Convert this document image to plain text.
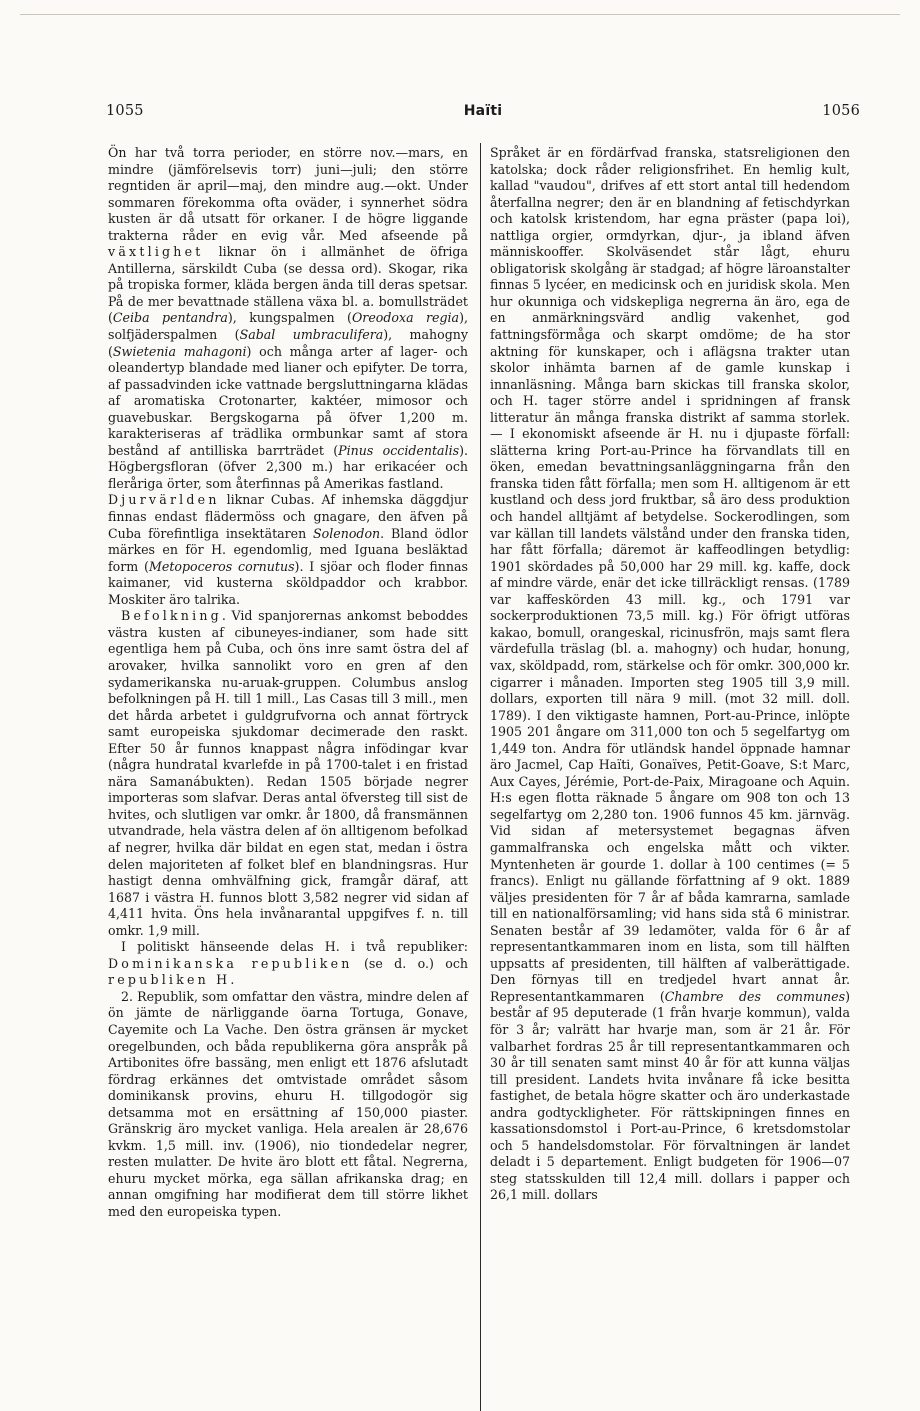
1055	Haïti	1056

Ön har två torra perioder, en större nov.—mars, en mindre (jämförelsevis torr) juni—juli; den större regntiden är april—maj, den mindre aug.—okt. Under sommaren förekomma ofta oväder, i synnerhet södra kusten är då utsatt för orkaner. I de högre liggande trakterna råder en evig vår. Med afseende på växtlighet liknar ön i allmänhet de öfriga Antillerna, särskildt Cuba (se dessa ord). Skogar, rika på tropiska former, kläda bergen ända till deras spetsar. På de mer bevattnade ställena växa bl. a. bomullsträdet (Ceiba pentandra), kungspalmen (Oreodoxa regia), solfjäderspalmen (Sabal umbraculifera), mahogny (Swietenia mahagoni) och många arter af lager- och oleandertyp blandade med lianer och epifyter. De torra, af passadvinden icke vattnade bergsluttningarna klädas af aromatiska Crotonarter, kaktéer, mimosor och guavebuskar. Bergskogarna på öfver 1,200 m. karakteriseras af trädlika ormbunkar samt af stora bestånd af antilliska barrträdet (Pinus occidentalis). Högbergsfloran (öfver 2,300 m.) har erikacéer och fleråriga örter, som återfinnas på Amerikas fastland.

Djurvärlden liknar Cubas. Af inhemska däggdjur finnas endast flädermöss och gnagare, den äfven på Cuba förefintliga insektätaren Solenodon. Bland ödlor märkes en för H. egendomlig, med Iguana besläktad form (Metopoceros cornutus). I sjöar och floder finnas kaimaner, vid kusterna sköldpaddor och krabbor. Moskiter äro talrika.

Befolkning. Vid spanjorernas ankomst beboddes västra kusten af cibuneyes-indianer, som hade sitt egentliga hem på Cuba, och öns inre samt östra del af arovaker, hvilka sannolikt voro en gren af den sydamerikanska nu-aruak-gruppen. Columbus anslog befolkningen på H. till 1 mill., Las Casas till 3 mill., men det hårda arbetet i guldgrufvorna och annat förtryck samt europeiska sjukdomar decimerade den raskt. Efter 50 år funnos knappast några infödingar kvar (några hundratal kvarlefde in på 1700-talet i en fristad nära Samanábukten). Redan 1505 började negrer importeras som slafvar. Deras antal öfversteg till sist de hvites, och slutligen var omkr. år 1800, då fransmännen utvandrade, hela västra delen af ön alltigenom befolkad af negrer, hvilka där bildat en egen stat, medan i östra delen majoriteten af folket blef en blandningsras. Hur hastigt denna omhvälfning gick, framgår däraf, att 1687 i västra H. funnos blott 3,582 negrer vid sidan af 4,411 hvita. Öns hela invånarantal uppgifves f. n. till omkr. 1,9 mill.

I politiskt hänseende delas H. i två republiker: Dominikanska republiken (se d. o.) och republiken H.

2. Republik, som omfattar den västra, mindre delen af ön jämte de närliggande öarna Tortuga, Gonave, Cayemite och La Vache. Den östra gränsen är mycket oregelbunden, och båda republikerna göra anspråk på Artibonites öfre bassäng, men enligt ett 1876 afslutadt fördrag erkännes det omtvistade området såsom dominikansk provins, ehuru H. tillgodogör sig detsamma mot en ersättning af 150,000 piaster. Gränskrig äro mycket vanliga. Hela arealen är 28,676 kvkm. 1,5 mill. inv. (1906), nio tiondedelar negrer, resten mulatter. De hvite äro blott ett fåtal. Negrerna, ehuru mycket mörka, ega sällan afrikanska drag; en annan omgifning har modifierat dem till större likhet med den europeiska typen.

Språket är en fördärfvad franska, statsreligionen den katolska; dock råder religionsfrihet. En hemlig kult, kallad "vaudou", drifves af ett stort antal till hedendom återfallna negrer; den är en blandning af fetischdyrkan och katolsk kristendom, har egna präster (papa loi), nattliga orgier, ormdyrkan, djur-, ja ibland äfven människooffer. Skolväsendet står lågt, ehuru obligatorisk skolgång är stadgad; af högre läroanstalter finnas 5 lycéer, en medicinsk och en juridisk skola. Men hur okunniga och vidskepliga negrerna än äro, ega de en anmärkningsvärd andlig vakenhet, god fattningsförmåga och skarpt omdöme; de ha stor aktning för kunskaper, och i aflägsna trakter utan skolor inhämta barnen af de gamle kunskap i innanläsning. Många barn skickas till franska skolor, och H. tager större andel i spridningen af fransk litteratur än många franska distrikt af samma storlek. — I ekonomiskt afseende är H. nu i djupaste förfall: slätterna kring Port-au-Prince ha förvandlats till en öken, emedan bevattningsanläggningarna från den franska tiden fått förfalla; men som H. alltigenom är ett kustland och dess jord fruktbar, så äro dess produktion och handel alltjämt af betydelse. Sockerodlingen, som var källan till landets välstånd under den franska tiden, har fått förfalla; däremot är kaffeodlingen betydlig: 1901 skördades på 50,000 har 29 mill. kg. kaffe, dock af mindre värde, enär det icke tillräckligt rensas. (1789 var kaffeskörden 43 mill. kg., och 1791 var sockerproduktionen 73,5 mill. kg.) För öfrigt utföras kakao, bomull, orangeskal, ricinusfrön, majs samt flera värdefulla träslag (bl. a. mahogny) och hudar, honung, vax, sköldpadd, rom, stärkelse och för omkr. 300,000 kr. cigarrer i månaden. Importen steg 1905 till 3,9 mill. dollars, exporten till nära 9 mill. (mot 32 mill. doll. 1789). I den viktigaste hamnen, Port-au-Prince, inlöpte 1905 201 ångare om 311,000 ton och 5 segelfartyg om 1,449 ton. Andra för utländsk handel öppnade hamnar äro Jacmel, Cap Haïti, Gonaïves, Petit-Goave, S:t Marc, Aux Cayes, Jérémie, Port-de-Paix, Miragoane och Aquin. H:s egen flotta räknade 5 ångare om 908 ton och 13 segelfartyg om 2,280 ton. 1906 funnos 45 km. järnväg. Vid sidan af metersystemet begagnas äfven gammalfranska och engelska mått och vikter. Myntenheten är gourde 1. dollar à 100 centimes (= 5 francs). Enligt nu gällande författning af 9 okt. 1889 väljes presidenten för 7 år af båda kamrarna, samlade till en nationalförsamling; vid hans sida stå 6 ministrar. Senaten består af 39 ledamöter, valda för 6 år af representantkammaren inom en lista, som till hälften uppsatts af presidenten, till hälften af valberättigade. Den förnyas till en tredjedel hvart annat år. Representantkammaren (Chambre des communes) består af 95 deputerade (1 från hvarje kommun), valda för 3 år; valrätt har hvarje man, som är 21 år. För valbarhet fordras 25 år till representantkammaren och 30 år till senaten samt minst 40 år för att kunna väljas till president. Landets hvita invånare få icke besitta fastighet, de betala högre skatter och äro underkastade andra godtyckligheter. För rättskipningen finnes en kassationsdomstol i Port-au-Prince, 6 kretsdomstolar och 5 handelsdomstolar. För förvaltningen är landet deladt i 5 departement. Enligt budgeten för 1906—07 steg statsskulden till 12,4 mill. dollars i papper och 26,1 mill. dollars
